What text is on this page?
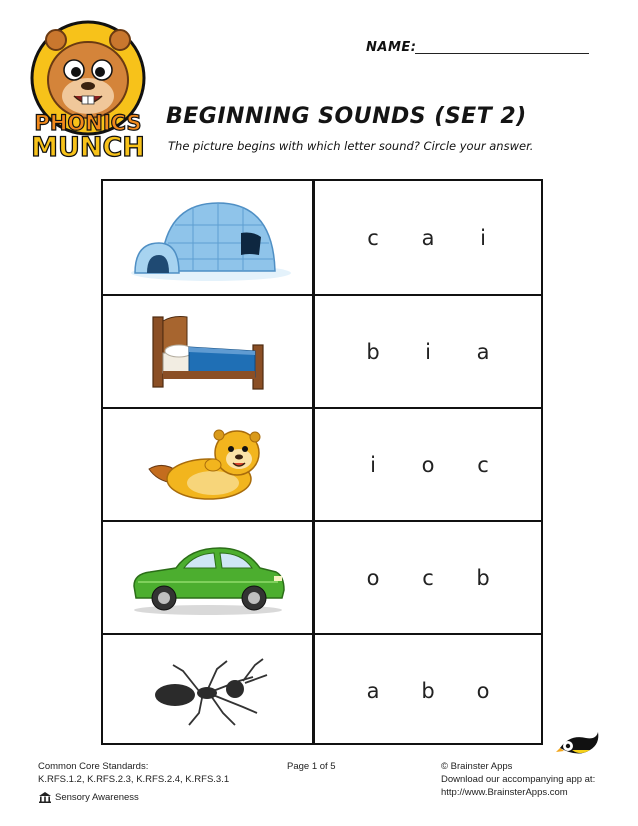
PHONICS
MUNCH
NAME:
BEGINNING SOUNDS (SET 2)
The picture begins with which letter sound? Circle your answer.
c	a	i
b	i	a
i	o	c
o	c	b
a	b	o
Common Core Standards:
K.RFS.1.2, K.RFS.2.3, K.RFS.2.4, K.RFS.3.1
Sensory Awareness
Page 1 of 5	© Brainster Apps
Download our accompanying app at:
http://www.BrainsterApps.com
